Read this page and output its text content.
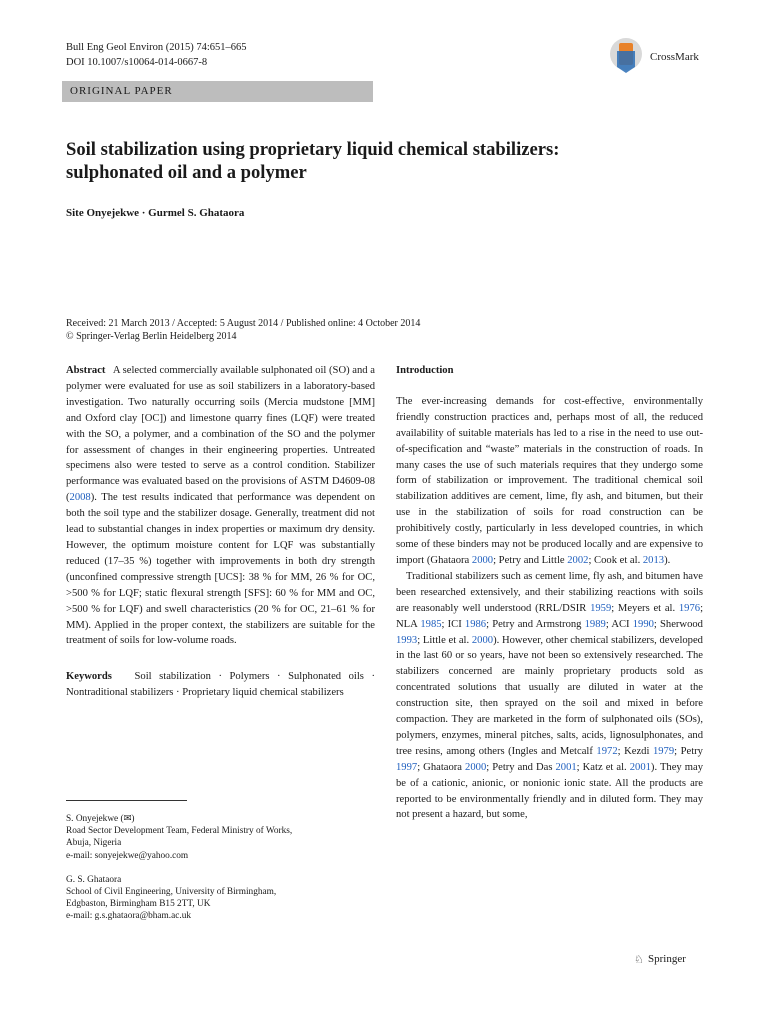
Bull Eng Geol Environ (2015) 74:651–665
DOI 10.1007/s10064-014-0667-8	CrossMark
ORIGINAL PAPER
Soil stabilization using proprietary liquid chemical stabilizers:
sulphonated oil and a polymer
Site Onyejekwe · Gurmel S. Ghataora
Received: 21 March 2013 / Accepted: 5 August 2014 / Published online: 4 October 2014
© Springer-Verlag Berlin Heidelberg 2014

Abstract A selected commercially available sulphonated oil (SO) and a polymer were evaluated for use as soil stabilizers in a laboratory-based investigation. Two naturally occurring soils (Mercia mudstone [MM] and Oxford clay [OC]) and limestone quarry fines (LQF) were treated with the SO, a polymer, and a combination of the SO and the polymer for assessment of changes in their engineering properties. Untreated specimens also were tested to serve as a control condition. Stabilizer performance was evaluated based on the provisions of ASTM D4609-08 (2008). The test results indicated that performance was dependent on both the soil type and the stabilizer dosage. Generally, treatment did not lead to substantial changes in index properties or maximum dry density. However, the optimum moisture content for LQF was substantially reduced (17–35 %) together with improvements in both dry strength (unconfined compressive strength [UCS]: 38 % for MM, 26 % for OC, >500 % for LQF; static flexural strength [SFS]: 60 % for MM and OC, >500 % for LQF) and swell characteristics (20 % for OC, 21–61 % for MM). Applied in the proper context, the stabilizers are suitable for the treatment of soils for low-volume roads.

Keywords Soil stabilization · Polymers · Sulphonated oils · Nontraditional stabilizers · Proprietary liquid chemical stabilizers

S. Onyejekwe (✉)
Road Sector Development Team, Federal Ministry of Works,
Abuja, Nigeria
e-mail: sonyejekwe@yahoo.com
G. S. Ghataora
School of Civil Engineering, University of Birmingham,
Edgbaston, Birmingham B15 2TT, UK
e-mail: g.s.ghataora@bham.ac.uk

Introduction

The ever-increasing demands for cost-effective, environmentally friendly construction practices and, perhaps most of all, the reduced availability of suitable materials has led to a rise in the need to use out-of-specification and “waste” materials in the construction of roads. In many cases the use of such materials requires that they undergo some form of stabilization or improvement. The traditional chemical soil stabilization additives are cement, lime, fly ash, and bitumen, but their use in the stabilization of soils for road construction can be prohibitively costly, particularly in less developed countries, in which some of these binders may not be produced locally and are expensive to import (Ghataora 2000; Petry and Little 2002; Cook et al. 2013).

Traditional stabilizers such as cement lime, fly ash, and bitumen have been researched extensively, and their stabilizing reactions with soils are reasonably well understood (RRL/DSIR 1959; Meyers et al. 1976; NLA 1985; ICI 1986; Petry and Armstrong 1989; ACI 1990; Sherwood 1993; Little et al. 2000). However, other chemical stabilizers, developed in the last 60 or so years, have not been so extensively researched. The stabilizers concerned are mainly proprietary products sold as concentrated solutions that usually are diluted in water at the construction site, then sprayed on the soil and mixed in before compaction. They are marketed in the form of sulphonated oils (SOs), polymers, enzymes, mineral pitches, salts, acids, lignosulphonates, and tree resins, among others (Ingles and Metcalf 1972; Kezdi 1979; Petry 1997; Ghataora 2000; Petry and Das 2001; Katz et al. 2001). They may be of a cationic, anionic, or nonionic ionic state. All the products are reported to be environmentally friendly and in diluted form. They may not present a hazard, but some,

♘ Springer
